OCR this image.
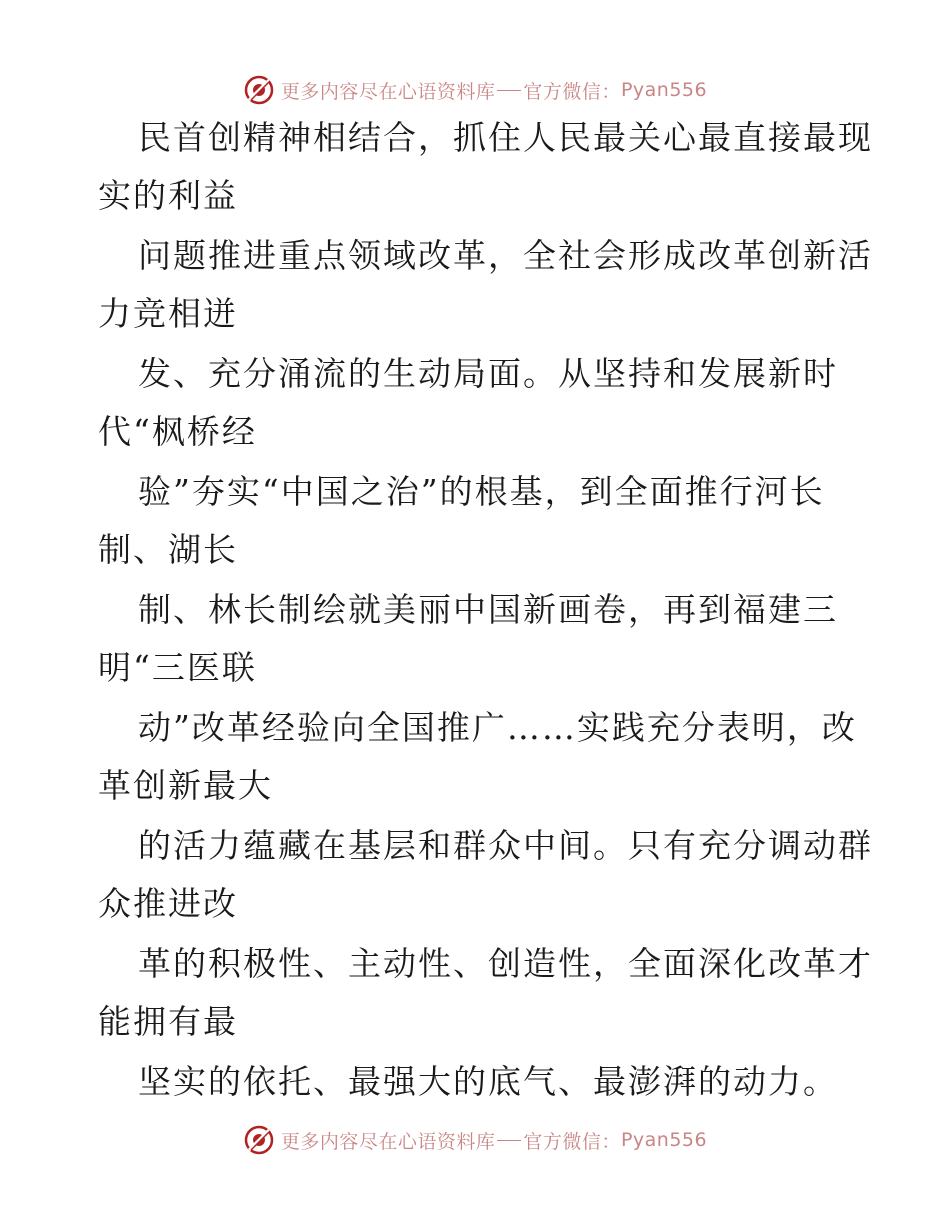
更多内容尽在心语资料库 官方微信： Pyan556
民首创精神相结合，抓住人民最关心最直接最现
实的利益
问题推进重点领域改革，全社会形成改革创新活
力竞相迸
发、充分涌流的生动局面。从坚持和发展新时
代“枫桥经
验”夯实“中国之治”的根基，到全面推行河长
制、湖长
制、林长制绘就美丽中国新画卷，再到福建三
明“三医联
动”改革经验向全国推广……实践充分表明，改
革创新最大
的活力蕴藏在基层和群众中间。只有充分调动群
众推进改
革的积极性、主动性、创造性，全面深化改革才
能拥有最
坚实的依托、最强大的底气、最澎湃的动力。
更多内容尽在心语资料库 官方微信： Pyan556
